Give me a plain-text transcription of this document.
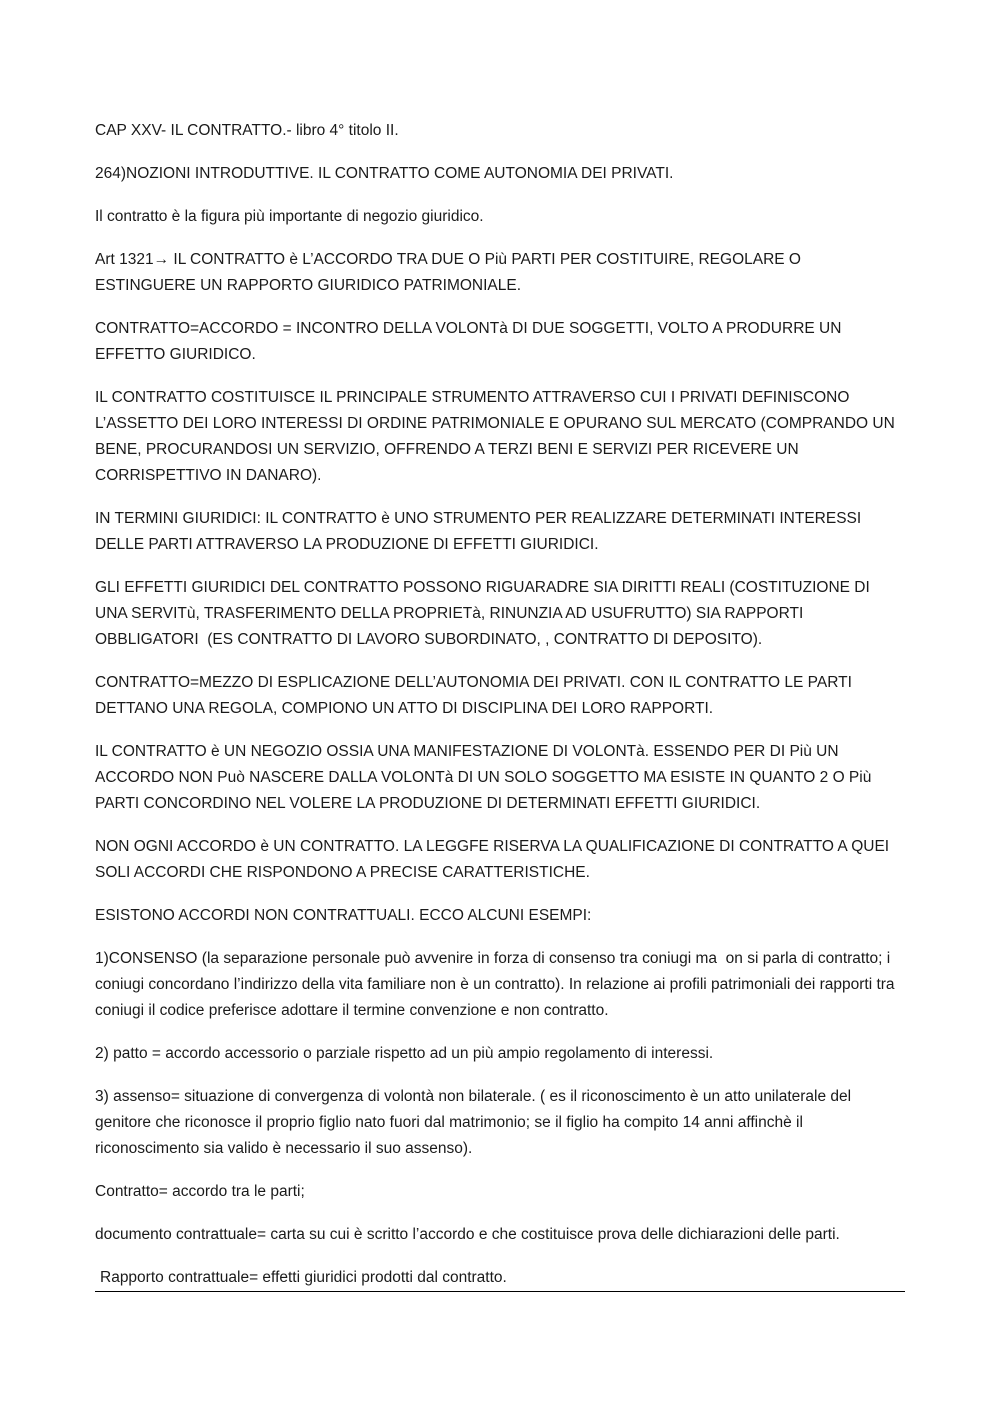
CAP XXV- IL CONTRATTO.- libro 4° titolo II.

264)NOZIONI INTRODUTTIVE. IL CONTRATTO COME AUTONOMIA DEI PRIVATI.

Il contratto è la figura più importante di negozio giuridico.

Art 1321→ IL CONTRATTO è L’ACCORDO TRA DUE O Più PARTI PER COSTITUIRE, REGOLARE O ESTINGUERE UN RAPPORTO GIURIDICO PATRIMONIALE.

CONTRATTO=ACCORDO = INCONTRO DELLA VOLONTà DI DUE SOGGETTI, VOLTO A PRODURRE UN EFFETTO GIURIDICO.

IL CONTRATTO COSTITUISCE IL PRINCIPALE STRUMENTO ATTRAVERSO CUI I PRIVATI DEFINISCONO L’ASSETTO DEI LORO INTERESSI DI ORDINE PATRIMONIALE E OPURANO SUL MERCATO (COMPRANDO UN BENE, PROCURANDOSI UN SERVIZIO, OFFRENDO A TERZI BENI E SERVIZI PER RICEVERE UN CORRISPETTIVO IN DANARO).

IN TERMINI GIURIDICI: IL CONTRATTO è UNO STRUMENTO PER REALIZZARE DETERMINATI INTERESSI DELLE PARTI ATTRAVERSO LA PRODUZIONE DI EFFETTI GIURIDICI.

GLI EFFETTI GIURIDICI DEL CONTRATTO POSSONO RIGUARADRE SIA DIRITTI REALI (COSTITUZIONE DI UNA SERVITù, TRASFERIMENTO DELLA PROPRIETà, RINUNZIA AD USUFRUTTO) SIA RAPPORTI OBBLIGATORI  (ES CONTRATTO DI LAVORO SUBORDINATO, , CONTRATTO DI DEPOSITO).

CONTRATTO=MEZZO DI ESPLICAZIONE DELL’AUTONOMIA DEI PRIVATI. CON IL CONTRATTO LE PARTI DETTANO UNA REGOLA, COMPIONO UN ATTO DI DISCIPLINA DEI LORO RAPPORTI.

IL CONTRATTO è UN NEGOZIO OSSIA UNA MANIFESTAZIONE DI VOLONTà. ESSENDO PER DI Più UN ACCORDO NON Può NASCERE DALLA VOLONTà DI UN SOLO SOGGETTO MA ESISTE IN QUANTO 2 O Più PARTI CONCORDINO NEL VOLERE LA PRODUZIONE DI DETERMINATI EFFETTI GIURIDICI.

NON OGNI ACCORDO è UN CONTRATTO. LA LEGGFE RISERVA LA QUALIFICAZIONE DI CONTRATTO A QUEI SOLI ACCORDI CHE RISPONDONO A PRECISE CARATTERISTICHE.

ESISTONO ACCORDI NON CONTRATTUALI. ECCO ALCUNI ESEMPI:

1)CONSENSO (la separazione personale può avvenire in forza di consenso tra coniugi ma  on si parla di contratto; i coniugi concordano l’indirizzo della vita familiare non è un contratto). In relazione ai profili patrimoniali dei rapporti tra coniugi il codice preferisce adottare il termine convenzione e non contratto.

2) patto = accordo accessorio o parziale rispetto ad un più ampio regolamento di interessi.

3) assenso= situazione di convergenza di volontà non bilaterale. ( es il riconoscimento è un atto unilaterale del genitore che riconosce il proprio figlio nato fuori dal matrimonio; se il figlio ha compito 14 anni affinchè il riconoscimento sia valido è necessario il suo assenso).

Contratto= accordo tra le parti;

documento contrattuale= carta su cui è scritto l’accordo e che costituisce prova delle dichiarazioni delle parti.

Rapporto contrattuale= effetti giuridici prodotti dal contratto.
